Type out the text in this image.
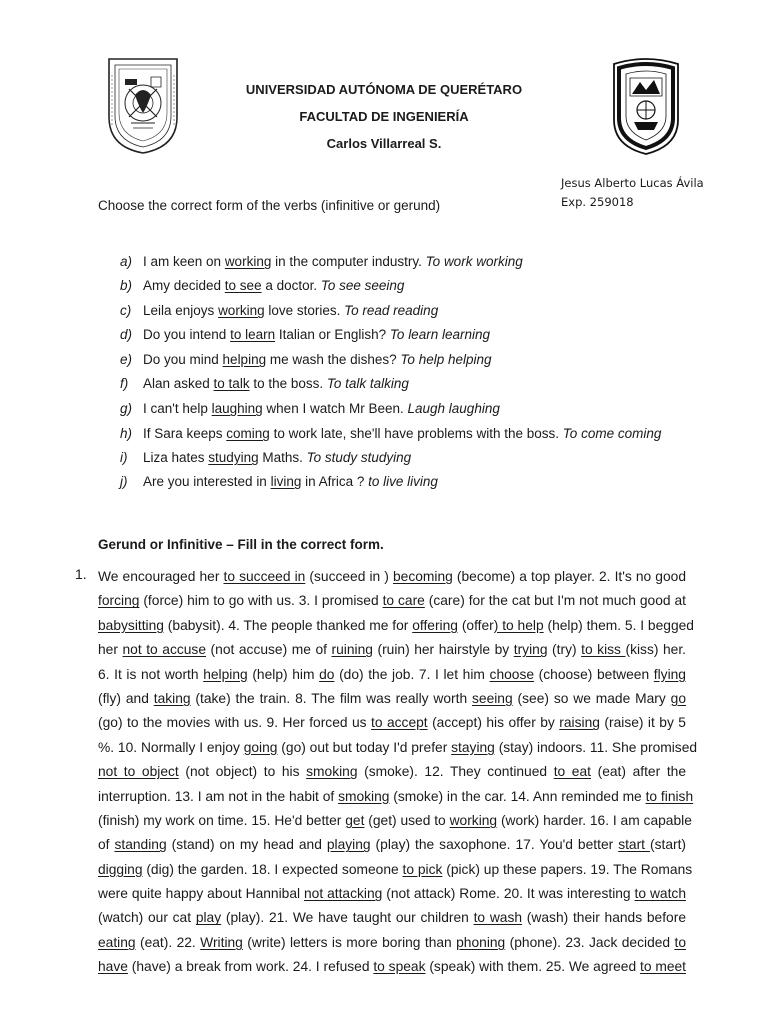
UNIVERSIDAD AUTÓNOMA DE QUERÉTARO
FACULTAD DE INGENIERÍA
Carlos Villarreal S.
Jesus Alberto Lucas Ávila
Exp. 259018
Choose the correct form of the verbs (infinitive or gerund)
a) I am keen on working in the computer industry. To work working
b) Amy decided to see a doctor. To see seeing
c) Leila enjoys working love stories. To read reading
d) Do you intend to learn Italian or English? To learn learning
e) Do you mind helping me wash the dishes? To help helping
f) Alan asked to talk to the boss. To talk talking
g) I can't help laughing when I watch Mr Been. Laugh laughing
h) If Sara keeps coming to work late, she'll have problems with the boss. To come coming
i) Liza hates studying Maths. To study studying
j) Are you interested in living in Africa ? to live living
Gerund or Infinitive – Fill in the correct form.
1. We encouraged her to succeed in (succeed in ) becoming (become) a top player. 2. It's no good
forcing (force) him to go with us. 3. I promised to care (care) for the cat but I'm not much good at
babysitting (babysit). 4. The people thanked me for offering (offer) to help (help) them. 5. I begged
her not to accuse (not accuse) me of ruining (ruin) her hairstyle by trying (try) to kiss (kiss) her.
6. It is not worth helping (help) him do (do) the job. 7. I let him choose (choose) between flying
(fly) and taking (take) the train. 8. The film was really worth seeing (see) so we made Mary go
(go) to the movies with us. 9. Her forced us to accept (accept) his offer by raising (raise) it by 5
%. 10. Normally I enjoy going (go) out but today I'd prefer staying (stay) indoors. 11. She promised
not to object (not object) to his smoking (smoke). 12. They continued to eat (eat) after the
interruption. 13. I am not in the habit of smoking (smoke) in the car. 14. Ann reminded me to finish
(finish) my work on time. 15. He'd better get (get) used to working (work) harder. 16. I am capable
of standing (stand) on my head and playing (play) the saxophone. 17. You'd better start (start)
digging (dig) the garden. 18. I expected someone to pick (pick) up these papers. 19. The Romans
were quite happy about Hannibal not attacking (not attack) Rome. 20. It was interesting to watch
(watch) our cat play (play). 21. We have taught our children to wash (wash) their hands before
eating (eat). 22. Writing (write) letters is more boring than phoning (phone). 23. Jack decided to
have (have) a break from work. 24. I refused to speak (speak) with them. 25. We agreed to meet
